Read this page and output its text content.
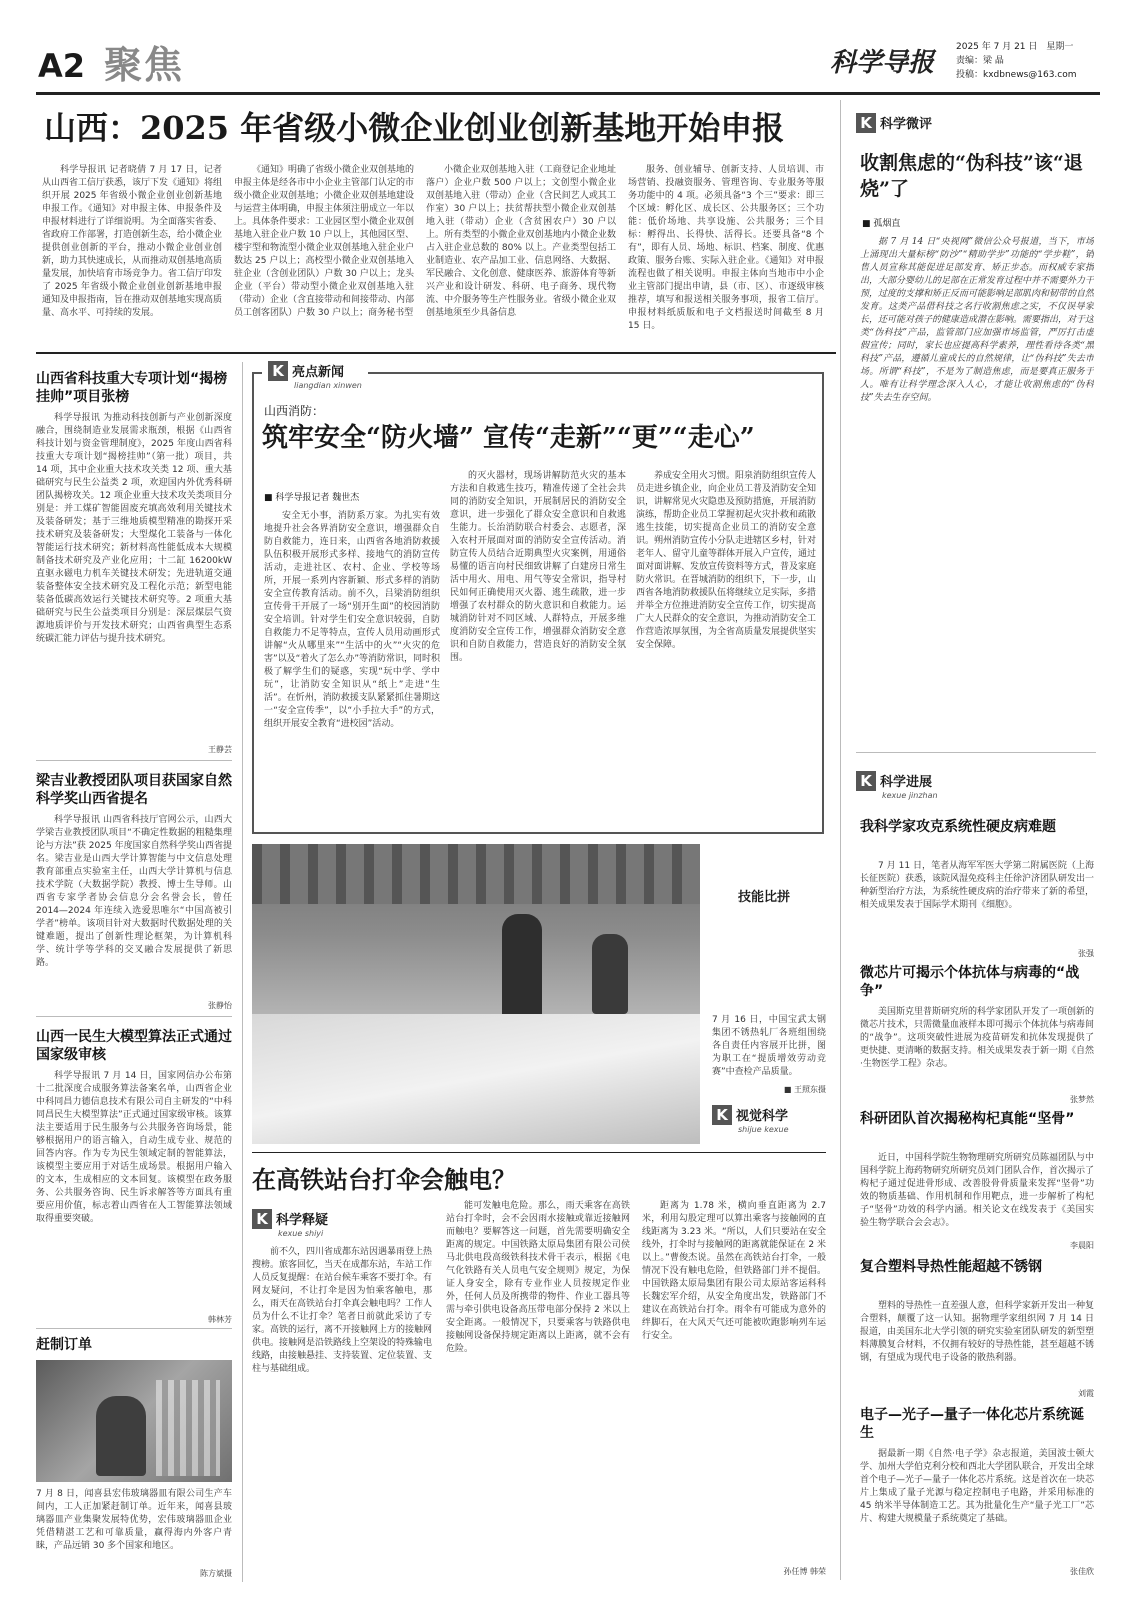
A2 聚焦	科学导报
2025 年 7 月 21 日　星期一
责编：梁 晶
投稿：kxdbnews@163.com
山西：2025 年省级小微企业创业创新基地开始申报

科学导报讯 记者晓倩 7 月 17 日，记者从山西省工信厅获悉，该厅下发《通知》将组织开展 2025 年省级小微企业创业创新基地申报工作。《通知》对申报主体、申报条件及申报材料进行了详细说明。为全面落实省委、省政府工作部署，打造创新生态，给小微企业提供创业创新的平台，推动小微企业创业创新，助力其快速成长，从而推动双创基地高质量发展，加快培育市场竞争力。省工信厅印发了 2025 年省级小微企业创业创新基地申报通知及申报指南，旨在推动双创基地实现高质量、高水平、可持续的发展。

《通知》明确了省级小微企业双创基地的申报主体是经各市中小企业主管部门认定的市级小微企业双创基地；小微企业双创基地建设与运营主体明确，申报主体须注册成立一年以上。具体条件要求：工业园区型小微企业双创基地入驻企业户数 10 户以上，其他园区型、楼宇型和物流型小微企业双创基地入驻企业户数达 25 户以上；高校型小微企业双创基地入驻企业（含创业团队）户数 30 户以上；龙头企业（平台）带动型小微企业双创基地入驻（带动）企业（含直接带动和间接带动、内部员工创客团队）户数 30 户以上；商务秘书型

小微企业双创基地入驻（工商登记企业地址落户）企业户数 500 户以上；文创型小微企业双创基地入驻（带动）企业（含民间艺人或其工作室）30 户以上；扶贫帮扶型小微企业双创基地入驻（带动）企业（含贫困农户）30 户以上。所有类型的小微企业双创基地内小微企业数占入驻企业总数的 80% 以上。产业类型包括工业制造业、农产品加工业、信息网络、大数据、军民融合、文化创意、健康医养、旅游体育等新兴产业和设计研发、科研、电子商务、现代物流、中介服务等生产性服务业。省级小微企业双创基地须至少具备信息

服务、创业辅导、创新支持、人员培训、市场营销、投融资服务、管理咨询、专业服务等服务功能中的 4 项。必须具备“3 个三”要求：即三个区域：孵化区、成长区、公共服务区；三个功能：低价场地、共享设施、公共服务；三个目标：孵得出、长得快、活得长。还要具备“8 个有”，即有人员、场地、标识、档案、制度、优惠政策、服务台账、实际入驻企业。《通知》对申报流程也做了相关说明。申报主体向当地市中小企业主管部门提出申请，县（市、区）、市逐级审核推荐，填写和报送相关服务事项，报省工信厅。申报材料纸质版和电子文档报送时间截至 8 月 15 日。

山西省科技重大专项计划“揭榜挂帅”项目张榜

科学导报讯 为推动科技创新与产业创新深度融合，围绕制造业发展需求瓶颈，根据《山西省科技计划与资金管理制度》，2025 年度山西省科技重大专项计划“揭榜挂帅”（第一批）项目，共 14 项，其中企业重大技术攻关类 12 项、重大基础研究与民生公益类 2 项，欢迎国内外优秀科研团队揭榜攻关。12 项企业重大技术攻关类项目分别是：并工煤矿智能固废充填高效利用关键技术及装备研发；基于三维地质模型精准的勘探开采技术研究及装备研发；大型煤化工装备与一体化智能运行技术研究；新材料高性能低成本大规模制备技术研究及产业化应用；十二缸 16200kW 直驱永磁电力机车关键技术研发；先进轨道交通装备整体安全技术研究及工程化示范；新型电能装备低碳高效运行关键技术研究等。2 项重大基础研究与民生公益类项目分别是：深层煤层气资源地质评价与开发技术研究；山西省典型生态系统碳汇能力评估与提升技术研究。

王静芸
梁吉业教授团队项目获国家自然科学奖山西省提名

科学导报讯 山西省科技厅官网公示，山西大学梁吉业教授团队项目“不确定性数据的粗糙集理论与方法”获 2025 年度国家自然科学奖山西省提名。梁吉业是山西大学计算智能与中文信息处理教育部重点实验室主任，山西大学计算机与信息技术学院（大数据学院）教授、博士生导师。山西省专家学者协会信息分会名誉会长，曾任 2014—2024 年连续入选爱思唯尔“中国高被引学者”榜单。该项目针对大数据时代数据处理的关键难题，提出了创新性理论框架，为计算机科学、统计学等学科的交叉融合发展提供了新思路。

张静怡
山西一民生大模型算法正式通过国家级审核

科学导报讯 7 月 14 日，国家网信办公布第十二批深度合成服务算法备案名单，山西省企业中科同昌力德信息技术有限公司自主研发的“中科同昌民生大模型算法”正式通过国家级审核。该算法主要适用于民生服务与公共服务咨询场景，能够根据用户的语言输入，自动生成专业、规范的回答内容。作为专为民生领域定制的智能算法，该模型主要应用于对话生成场景。根据用户输入的文本，生成相应的文本回复。该模型在政务服务、公共服务咨询、民生诉求解答等方面具有重要应用价值，标志着山西省在人工智能算法领域取得重要突破。

韩林芳
赶制订单

7 月 8 日，闻喜县宏伟玻璃器皿有限公司生产车间内，工人正加紧赶制订单。近年来，闻喜县玻璃器皿产业集聚发展特优势，宏伟玻璃器皿企业凭借精湛工艺和可靠质量，赢得海内外客户青睐，产品远销 30 多个国家和地区。

陈方斌摄
K 亮点新闻
liangdian xinwen
山西消防：
筑牢安全“防火墙” 宣传“走新”“更”“走心”
■ 科学导报记者 魏世杰

安全无小事，消防系万家。为扎实有效地提升社会各界消防安全意识，增强群众自防自救能力，连日来，山西省各地消防救援队伍积极开展形式多样、接地气的消防宣传活动，走进社区、农村、企业、学校等场所，开展一系列内容新颖、形式多样的消防安全宣传教育活动。前不久，吕梁消防组织宣传骨干开展了一场“别开生面”的校园消防安全培训。针对学生们安全意识较弱，自防自救能力不足等特点，宣传人员用动画形式讲解“火从哪里来”“生活中的火”“火灾的危害”以及“着火了怎么办”等消防常识，同时积极了解学生们的疑惑，实现“玩中学、学中玩”，让消防安全知识从“纸上”走进“生活”。在忻州，消防救援支队紧紧抓住暑期这一“安全宣传季”，以“小手拉大手”的方式，组织开展安全教育“进校园”活动。

的灭火器材，现场讲解防范火灾的基本方法和自救逃生技巧，精准传递了全社会共同的消防安全知识，开展制居民的消防安全意识，进一步强化了群众安全意识和自救逃生能力。长治消防联合村委会、志愿者，深入农村开展面对面的消防安全宣传活动。消防宣传人员结合近期典型火灾案例，用通俗易懂的语言向村民细致讲解了白建房日常生活中用火、用电、用气等安全常识，指导村民如何正确使用灭火器、逃生疏散，进一步增强了农村群众的防火意识和自救能力。运城消防针对不同区域、人群特点，开展多维度消防安全宣传工作，增强群众消防安全意识和自防自救能力，营造良好的消防安全氛围。

养成安全用火习惯。阳泉消防组织宣传人员走进乡镇企业，向企业员工普及消防安全知识，讲解常见火灾隐患及预防措施，开展消防演练，帮助企业员工掌握初起火灾扑救和疏散逃生技能，切实提高企业员工的消防安全意识。朔州消防宣传小分队走进辖区乡村，针对老年人、留守儿童等群体开展入户宣传，通过面对面讲解、发放宣传资料等方式，普及家庭防火常识。在晋城消防的组织下，下一步，山西省各地消防救援队伍将继续立足实际，多措并举全方位推进消防安全宣传工作，切实提高广大人民群众的安全意识，为推动消防安全工作营造浓厚氛围，为全省高质量发展提供坚实安全保障。

技能比拼

7 月 16 日，中国宝武太钢集团不锈热轧厂各班组围绕各自责任内容展开比拼，图为职工在“提质增效劳动竞赛”中查检产品质量。

■ 王照东摄
K 视觉科学
shijue kexue
在高铁站台打伞会触电？
K 科学释疑
kexue shiyi

前不久，四川省成都东站因遇暴雨登上热搜榜。旅客回忆，当天在成都东站，车站工作人员反复提醒：在站台候车乘客不要打伞。有网友疑问，不让打伞是因为怕乘客触电，那么，雨天在高铁站台打伞真会触电吗？工作人员为什么不让打伞？笔者日前就此采访了专家。高铁的运行，离不开接触网上方的接触网供电。接触网是沿铁路线上空架设的特殊输电线路，由接触悬挂、支持装置、定位装置、支柱与基础组成。

能可发触电危险。那么，雨天乘客在高铁站台打伞时，会不会因雨水接触或靠近接触网而触电？要解答这一问题，首先需要明确安全距离的规定。中国铁路太原局集团有限公司侯马北供电段高级铁科技术骨干表示，根据《电气化铁路有关人员电气安全规则》规定，为保证人身安全，除有专业作业人员按规定作业外，任何人员及所携带的物件、作业工器具等需与牵引供电设备高压带电部分保持 2 米以上安全距离。一般情况下，只要乘客与铁路供电接触网设备保持规定距离以上距离，就不会有危险。

距离为 1.78 米，横向垂直距离为 2.7 米，利用勾股定理可以算出乘客与接触网的直线距离为 3.23 米。“所以，人们只要站在安全线外，打伞时与接触网的距离就能保证在 2 米以上。”曹俊杰说。虽然在高铁站台打伞，一般情况下没有触电危险，但铁路部门并不提倡。中国铁路太原局集团有限公司太原站客运科科长魏宏军介绍，从安全角度出发，铁路部门不建议在高铁站台打伞。雨伞有可能成为意外的绊脚石，在大风天气还可能被吹跑影响列车运行安全。

孙任博 韩荣
K 科学微评
收割焦虑的“伪科技”该“退烧”了
■ 孤烟直

据 7 月 14 日“央视网”微信公众号报道，当下，市场上涌现出大量标榜“防沙”“精助学步”功能的“学步鞋”，销售人员宣称其能促进足部发育、矫正步态。而权威专家指出，大部分婴幼儿的足部在正常发育过程中并不需要外力干预，过度的支撑和矫正反而可能影响足部肌肉和韧带的自然发育。这类产品借科技之名行收割焦虑之实，不仅误导家长，还可能对孩子的健康造成潜在影响。需要指出，对于这类“伪科技”产品，监管部门应加强市场监管，严厉打击虚假宣传；同时，家长也应提高科学素养，理性看待各类“黑科技”产品，遵循儿童成长的自然规律，让“伪科技”失去市场。所谓“科技”，不是为了制造焦虑，而是要真正服务于人。唯有让科学理念深入人心，才能让收割焦虑的“伪科技”失去生存空间。

K 科学进展
kexue jinzhan
我科学家攻克系统性硬皮病难题

7 月 11 日，笔者从海军军医大学第二附属医院（上海长征医院）获悉，该院风湿免疫科主任徐沪济团队研发出一种新型治疗方法，为系统性硬皮病的治疗带来了新的希望，相关成果发表于国际学术期刊《细胞》。

张强
微芯片可揭示个体抗体与病毒的“战争”

美国斯克里普斯研究所的科学家团队开发了一项创新的微芯片技术，只需微量血液样本即可揭示个体抗体与病毒间的“战争”。这项突破性进展为疫苗研发和抗体发现提供了更快捷、更清晰的数据支持。相关成果发表于新一期《自然·生物医学工程》杂志。

张梦然
科研团队首次揭秘构杞真能“坚骨”

近日，中国科学院生物物理研究所研究员陈福团队与中国科学院上海药物研究所研究员刘门团队合作，首次揭示了构杞子通过促进骨形成、改善股骨骨质量来发挥“坚骨”功效的物质基础、作用机制和作用靶点，进一步解析了构杞子“坚骨”功效的科学内涵。相关论文在线发表于《美国实验生物学联合会会志》。

李晨阳
复合塑料导热性能超越不锈钢

塑料的导热性一直差强人意，但科学家新开发出一种复合塑料，颠覆了这一认知。据物理学家组织网 7 月 14 日报道，由美国东北大学引领的研究实验室团队研发的新型塑料薄膜复合材料，不仅拥有较好的导热性能，甚至超越不锈钢，有望成为现代电子设备的散热利器。

刘霞
电子—光子—量子一体化芯片系统诞生

据最新一期《自然·电子学》杂志报道，美国波士顿大学、加州大学伯克利分校和西北大学团队联合，开发出全球首个电子—光子—量子一体化芯片系统。这是首次在一块芯片上集成了量子光源与稳定控制电子电路，并采用标准的 45 纳米半导体制造工艺。其为批量化生产“量子光工厂”芯片、构建大规模量子系统奠定了基础。

张佳欣
